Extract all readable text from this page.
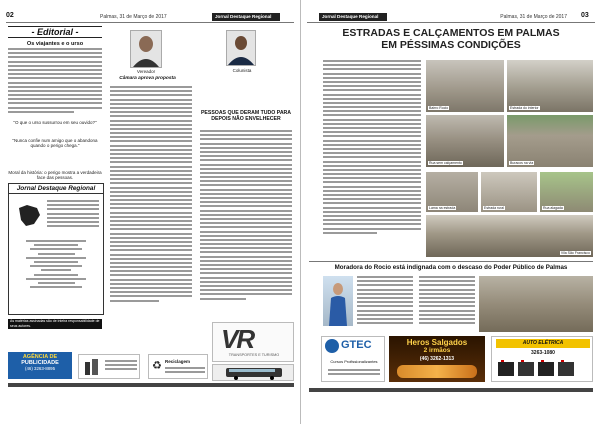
02	Palmas, 31 de Março de 2017	Jornal Destaque Regional
- Editorial -
Os viajantes e o urso
"O que o urso sussurrou em seu ouvido?"
"Nunca confie num amigo que o abandona quando o perigo chega."
Moral da história: o perigo mostra a verdadeira face das pessoas.
Jornal Destaque Regional
As matérias assinadas são de inteira responsabilidade de seus autores.
Vereador
Câmara aprova proposta
Colunista
PESSOAS QUE DERAM TUDO PARA DEPOIS NÃO ENVELHECER
VR
TRANSPORTES E TURISMO
AGÊNCIA DE
PUBLICIDADE
(46) 3263-8895	♻ Reciclagem
Jornal Destaque Regional	Palmas, 31 de Março de 2017 03
ESTRADAS E CALÇAMENTOS EM PALMAS
EM PÉSSIMAS CONDIÇÕES
Bairro Rocio	Estrada do interior
Rua sem calçamento	Buracos na via
Lama na estrada	Estrada rural	Rua alagada
Vila São Francisco
Moradora do Rocio está indignada com o descaso do Poder Público de Palmas
GTEC
Cursos Profissionalizantes
Heros Salgados
2 irmãos
(46) 3262-1313
AUTO ELÉTRICA
3263-1080
